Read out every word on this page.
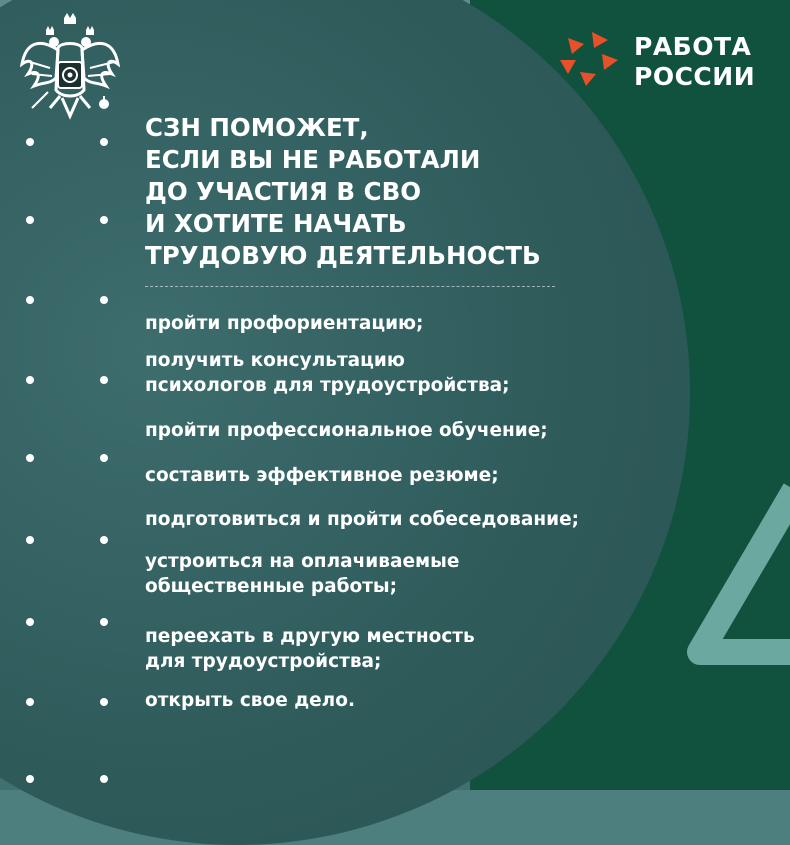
РАБОТА
РОССИИ
СЗН ПОМОЖЕТ,
ЕСЛИ ВЫ НЕ РАБОТАЛИ
ДО УЧАСТИЯ В СВО
И ХОТИТЕ НАЧАТЬ
ТРУДОВУЮ ДЕЯТЕЛЬНОСТЬ

пройти профориентацию;

получить консультацию
психологов для трудоустройства;

пройти профессиональное обучение;

составить эффективное резюме;

подготовиться и пройти собеседование;

устроиться на оплачиваемые
общественные работы;

переехать в другую местность
для трудоустройства;

открыть свое дело.
